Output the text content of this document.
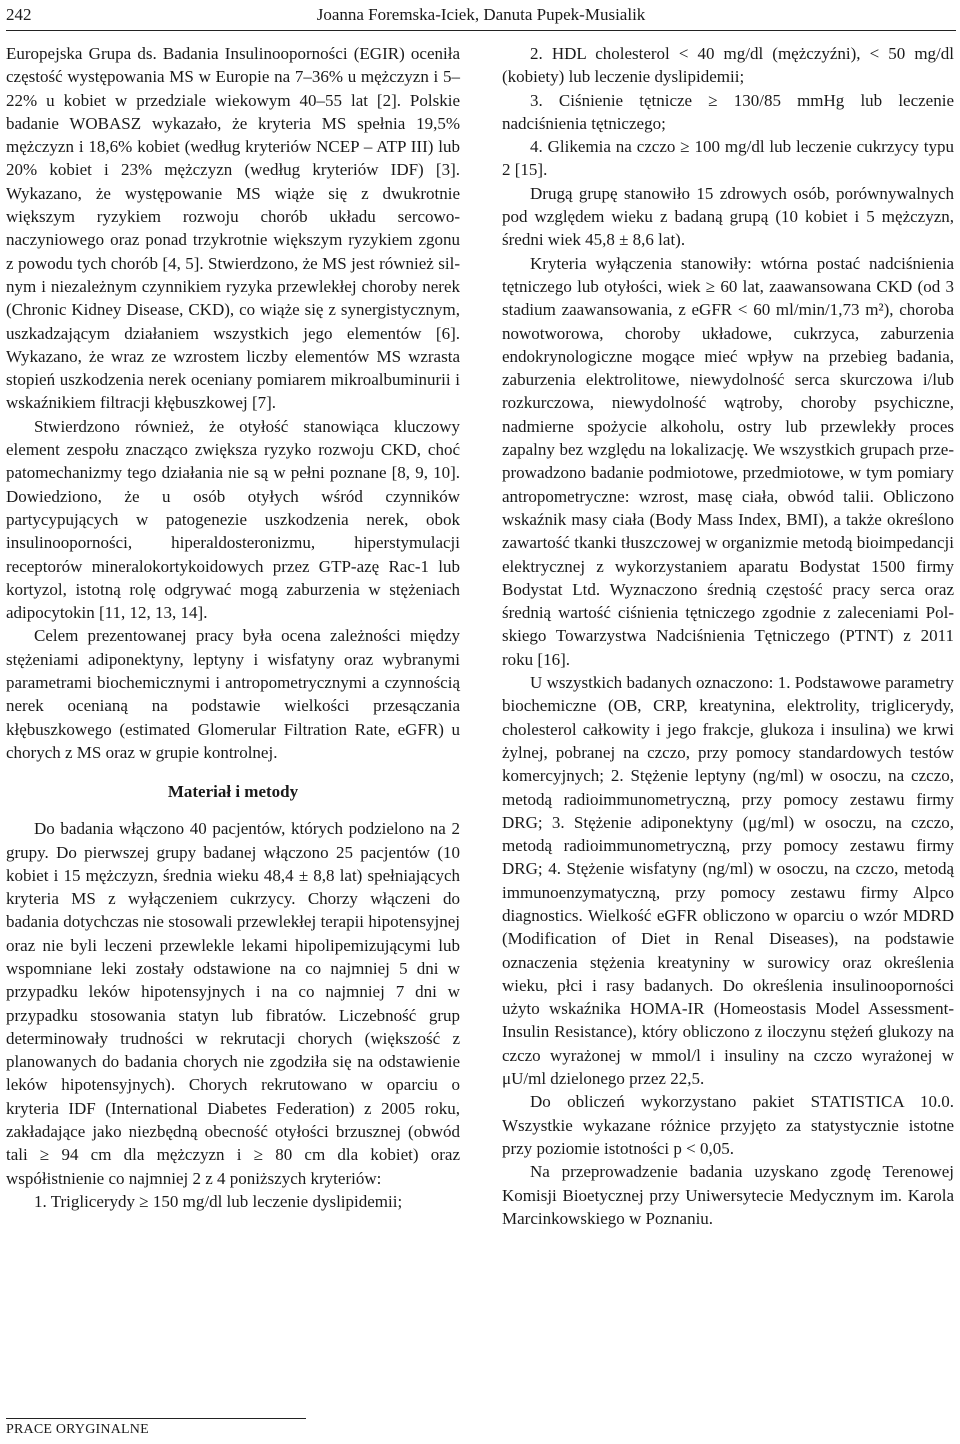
242	Joanna Foremska-Iciek, Danuta Pupek-Musialik

Europejska Grupa ds. Badania Insulinooporności (EGIR) oceniła częstość występowania MS w Europie na 7–36% u mężczyzn i 5–22% u kobiet w przedziale wiekowym 40–55 lat [2]. Polskie badanie WOBASZ wykazało, że kryteria MS spełnia 19,5% mężczyzn i 18,6% kobiet (według kryteriów NCEP – ATP III) lub 20% kobiet i 23% mężczyzn (według kryteriów IDF) [3]. Wykazano, że występowanie MS wiąże się z dwukrotnie większym ryzykiem rozwoju chorób układu sercowo-naczyniowego oraz ponad trzykrotnie większym ryzykiem zgonu z powodu tych chorób [4, 5]. Stwierdzono, że MS jest również silnym i niezależnym czynnikiem ryzyka przewlekłej choroby nerek (Chronic Kidney Disease, CKD), co wiąże się z synergistycznym, uszkadzającym działaniem wszystkich jego elementów [6]. Wykazano, że wraz ze wzrostem liczby elementów MS wzrasta stopień uszkodzenia nerek oceniany pomiarem mikroalbuminurii i wskaźnikiem filtracji kłębuszkowej [7].

Stwierdzono również, że otyłość stanowiąca kluczowy element zespołu znacząco zwiększa ryzyko rozwoju CKD, choć patomechanizmy tego działania nie są w pełni poznane [8, 9, 10]. Dowiedziono, że u osób otyłych wśród czynników partycypujących w patogenezie uszkodzenia nerek, obok insulinooporności, hiperaldosteronizmu, hiperstymulacji receptorów mineralokortykoidowych przez GTP-azę Rac-1 lub kortyzol, istotną rolę odgrywać mogą zaburzenia w stężeniach adipocytokin [11, 12, 13, 14].

Celem prezentowanej pracy była ocena zależności między stężeniami adiponektyny, leptyny i wisfatyny oraz wybranymi parametrami biochemicznymi i antropometrycznymi a czynnością nerek ocenianą na podstawie wielkości przesączania kłębuszkowego (estimated Glomerular Filtration Rate, eGFR) u chorych z MS oraz w grupie kontrolnej.

Materiał i metody

Do badania włączono 40 pacjentów, których podzielono na 2 grupy. Do pierwszej grupy badanej włączono 25 pacjentów (10 kobiet i 15 mężczyzn, średnia wieku 48,4 ± 8,8 lat) spełniających kryteria MS z wyłączeniem cukrzycy. Chorzy włączeni do badania dotychczas nie stosowali przewlekłej terapii hipotensyjnej oraz nie byli leczeni przewlekle lekami hipolipemizującymi lub wspomniane leki zostały odstawione na co najmniej 5 dni w przypadku leków hipotensyjnych i na co najmniej 7 dni w przypadku stosowania statyn lub fibratów. Liczebność grup determinowały trudności w rekrutacji chorych (większość z planowanych do badania chorych nie zgodziła się na odstawienie leków hipotensyjnych). Chorych rekrutowano w oparciu o kryteria IDF (International Diabetes Federation) z 2005 roku, zakładające jako niezbędną obecność otyłości brzusznej (obwód tali ≥ 94 cm dla mężczyzn i ≥ 80 cm dla kobiet) oraz współistnienie co najmniej 2 z 4 poniższych kryteriów:

1. Triglicerydy ≥ 150 mg/dl lub leczenie dyslipidemii;

2. HDL cholesterol < 40 mg/dl (mężczyźni), < 50 mg/dl (kobiety) lub leczenie dyslipidemii;

3. Ciśnienie tętnicze ≥ 130/85 mmHg lub leczenie nadciśnienia tętniczego;

4. Glikemia na czczo ≥ 100 mg/dl lub leczenie cukrzycy typu 2 [15].

Drugą grupę stanowiło 15 zdrowych osób, porównywalnych pod względem wieku z badaną grupą (10 kobiet i 5 mężczyzn, średni wiek 45,8 ± 8,6 lat).

Kryteria wyłączenia stanowiły: wtórna postać nadciśnienia tętniczego lub otyłości, wiek ≥ 60 lat, zaawansowana CKD (od 3 stadium zaawansowania, z eGFR < 60 ml/min/1,73 m²), choroba nowotworowa, choroby układowe, cukrzyca, zaburzenia endokrynologiczne mogące mieć wpływ na przebieg badania, zaburzenia elektrolitowe, niewydolność serca skurczowa i/lub rozkurczowa, niewydolność wątroby, choroby psychiczne, nadmierne spożycie alkoholu, ostry lub przewlekły proces zapalny bez względu na lokalizację. We wszystkich grupach przeprowadzono badanie podmiotowe, przedmiotowe, w tym pomiary antropometryczne: wzrost, masę ciała, obwód talii. Obliczono wskaźnik masy ciała (Body Mass Index, BMI), a także określono zawartość tkanki tłuszczowej w organizmie metodą bioimpedancji elektrycznej z wykorzystaniem aparatu Bodystat 1500 firmy Bodystat Ltd. Wyznaczono średnią częstość pracy serca oraz średnią wartość ciśnienia tętniczego zgodnie z zaleceniami Polskiego Towarzystwa Nadciśnienia Tętniczego (PTNT) z 2011 roku [16].

U wszystkich badanych oznaczono: 1. Podstawowe parametry biochemiczne (OB, CRP, kreatynina, elektrolity, triglicerydy, cholesterol całkowity i jego frakcje, glukoza i insulina) we krwi żylnej, pobranej na czczo, przy pomocy standardowych testów komercyjnych; 2. Stężenie leptyny (ng/ml) w osoczu, na czczo, metodą radioimmunometryczną, przy pomocy zestawu firmy DRG; 3. Stężenie adiponektyny (μg/ml) w osoczu, na czczo, metodą radioimmunometryczną, przy pomocy zestawu firmy DRG; 4. Stężenie wisfatyny (ng/ml) w osoczu, na czczo, metodą immunoenzymatyczną, przy pomocy zestawu firmy Alpco diagnostics. Wielkość eGFR obliczono w oparciu o wzór MDRD (Modification of Diet in Renal Diseases), na podstawie oznaczenia stężenia kreatyniny w surowicy oraz określenia wieku, płci i rasy badanych. Do określenia insulinooporności użyto wskaźnika HOMA-IR (Homeostasis Model Assessment-Insulin Resistance), który obliczono z iloczynu stężeń glukozy na czczo wyrażonej w mmol/l i insuliny na czczo wyrażonej w μU/ml dzielonego przez 22,5.

Do obliczeń wykorzystano pakiet STATISTICA 10.0. Wszystkie wykazane różnice przyjęto za statystycznie istotne przy poziomie istotności p < 0,05.

Na przeprowadzenie badania uzyskano zgodę Terenowej Komisji Bioetycznej przy Uniwersytecie Medycznym im. Karola Marcinkowskiego w Poznaniu.

PRACE ORYGINALNE
